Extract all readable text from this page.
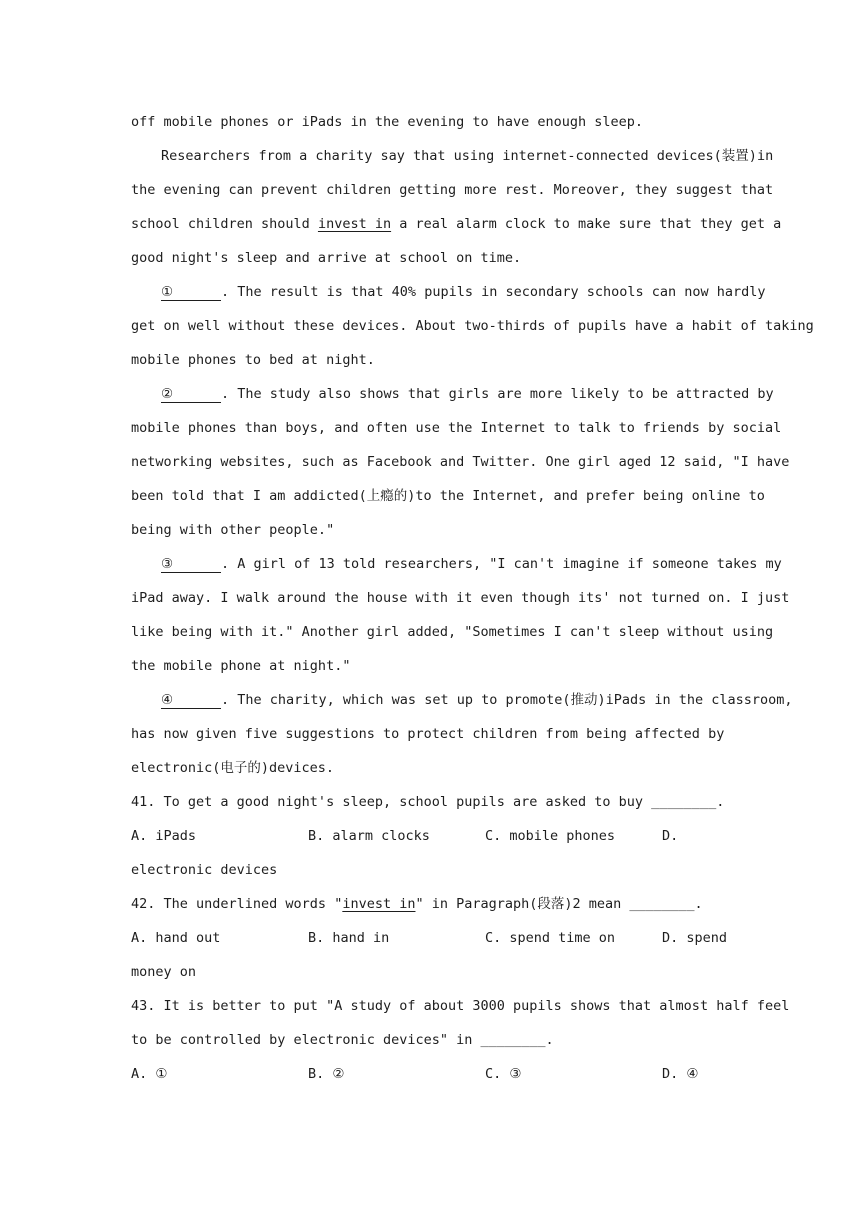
off mobile phones or iPads in the evening to have enough sleep.
Researchers from a charity say that using internet-connected devices(装置)in
the evening can prevent children getting more rest. Moreover, they suggest that
school children should invest in a real alarm clock to make sure that they get a
good night's sleep and arrive at school on time.
①	. The result is that 40% pupils in secondary schools can now hardly
get on well without these devices. About two-thirds of pupils have a habit of taking
mobile phones to bed at night.
②	. The study also shows that girls are more likely to be attracted by
mobile phones than boys, and often use the Internet to talk to friends by social
networking websites, such as Facebook and Twitter. One girl aged 12 said, "I have
been told that I am addicted(上瘾的)to the Internet, and prefer being online to
being with other people."
③	. A girl of 13 told researchers, "I can't imagine if someone takes my
iPad away. I walk around the house with it even though its' not turned on. I just
like being with it." Another girl added, "Sometimes I can't sleep without using
the mobile phone at night."
④	. The charity, which was set up to promote(推动)iPads in the classroom,
has now given five suggestions to protect children from being affected by
electronic(电子的)devices.
41. To get a good night's sleep, school pupils are asked to buy ________.
A. iPads	B. alarm clocks	C. mobile phones	D.
electronic devices
42. The underlined words "invest in" in Paragraph(段落)2 mean ________.
A. hand out	B. hand in	C. spend time on	D. spend
money on
43. It is better to put "A study of about 3000 pupils shows that almost half feel
to be controlled by electronic devices" in ________.
A. ①	B. ②	C. ③	D. ④
